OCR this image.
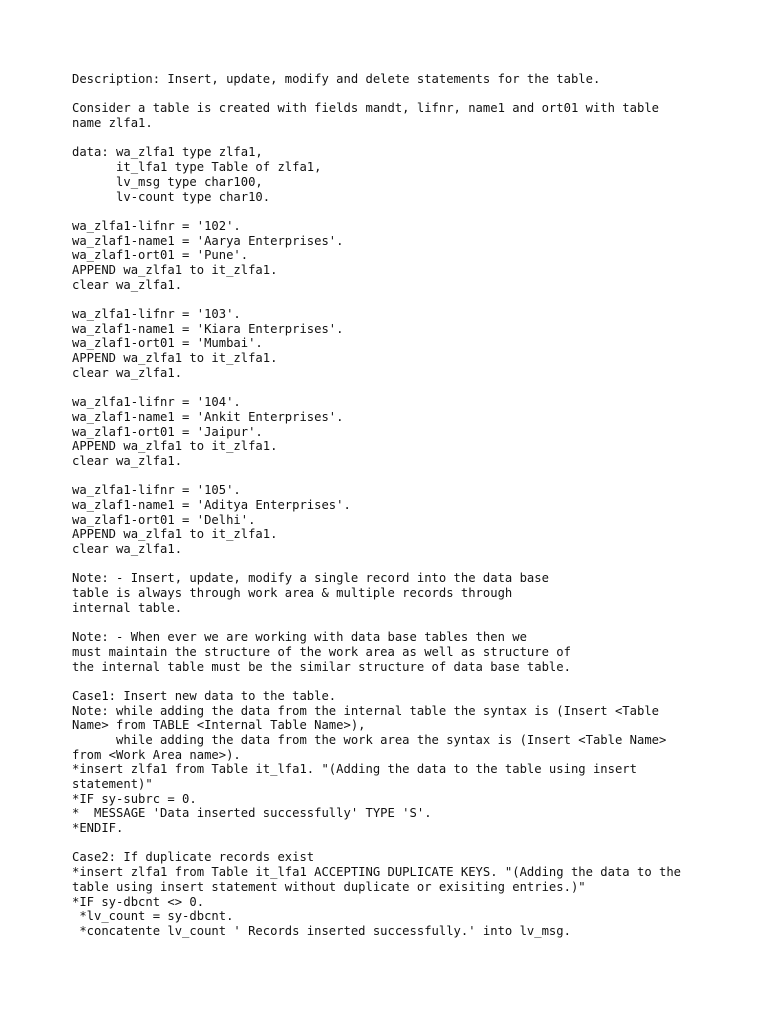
Description: Insert, update, modify and delete statements for the table.
Consider a table is created with fields mandt, lifnr, name1 and ort01 with table
name zlfa1.
data: wa_zlfa1 type zlfa1,
it_lfa1 type Table of zlfa1,
lv_msg type char100,
lv-count type char10.
wa_zlfa1-lifnr = '102'.
wa_zlaf1-name1 = 'Aarya Enterprises'.
wa_zlaf1-ort01 = 'Pune'.
APPEND wa_zlfa1 to it_zlfa1.
clear wa_zlfa1.
wa_zlfa1-lifnr = '103'.
wa_zlaf1-name1 = 'Kiara Enterprises'.
wa_zlaf1-ort01 = 'Mumbai'.
APPEND wa_zlfa1 to it_zlfa1.
clear wa_zlfa1.
wa_zlfa1-lifnr = '104'.
wa_zlaf1-name1 = 'Ankit Enterprises'.
wa_zlaf1-ort01 = 'Jaipur'.
APPEND wa_zlfa1 to it_zlfa1.
clear wa_zlfa1.
wa_zlfa1-lifnr = '105'.
wa_zlaf1-name1 = 'Aditya Enterprises'.
wa_zlaf1-ort01 = 'Delhi'.
APPEND wa_zlfa1 to it_zlfa1.
clear wa_zlfa1.
Note: - Insert, update, modify a single record into the data base
table is always through work area & multiple records through
internal table.
Note: - When ever we are working with data base tables then we
must maintain the structure of the work area as well as structure of
the internal table must be the similar structure of data base table.
Case1: Insert new data to the table.
Note: while adding the data from the internal table the syntax is (Insert <Table
Name> from TABLE <Internal Table Name>),
while adding the data from the work area the syntax is (Insert <Table Name>
from <Work Area name>).
*insert zlfa1 from Table it_lfa1. "(Adding the data to the table using insert
statement)"
*IF sy-subrc = 0.
*  MESSAGE 'Data inserted successfully' TYPE 'S'.
*ENDIF.
Case2: If duplicate records exist
*insert zlfa1 from Table it_lfa1 ACCEPTING DUPLICATE KEYS. "(Adding the data to the
table using insert statement without duplicate or exisiting entries.)"
*IF sy-dbcnt <> 0.
*lv_count = sy-dbcnt.
*concatente lv_count ' Records inserted successfully.' into lv_msg.
